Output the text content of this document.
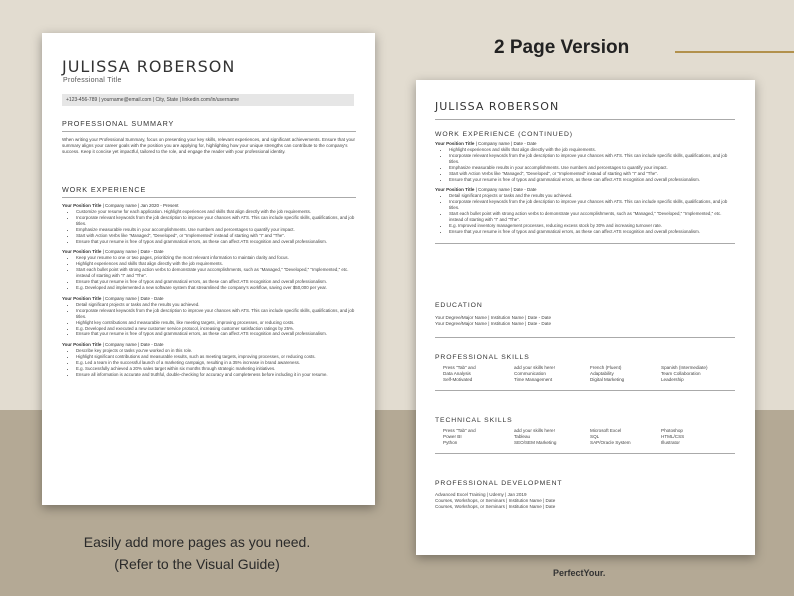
JULISSA ROBERSON
Professional Title
+123-456-789 | yourname@email.com | City, State | linkedin.com/in/username
PROFESSIONAL SUMMARY
When writing your Professional Summary, focus on presenting your key skills, relevant experiences, and significant achievements. Ensure that your summary aligns your career goals with the position you are applying for, highlighting how your unique strengths can contribute to the company's success. Keep it concise yet impactful, tailored to the role, and engage the reader with your professional identity.
WORK EXPERIENCE
Your Position Title | Company name | Jan 2020 - Present
• Customize your resume for each application. Highlight experiences and skills that align directly with the job requirements.
• Incorporate relevant keywords from the job description to improve your chances with ATS. This can include specific skills, qualifications, and job titles.
• Emphasize measurable results in your accomplishments. Use numbers and percentages to quantify your impact.
• Start with Action Verbs like "Managed", "Developed", or "Implemented" instead of starting with "I" and "The".
• Ensure that your resume is free of typos and grammatical errors, as these can affect ATS recognition and overall professionalism.
Your Position Title | Company name | Date - Date
• Keep your resume to one or two pages, prioritizing the most relevant information to maintain clarity and focus.
• Highlight experiences and skills that align directly with the job requirements.
• Start each bullet point with strong action verbs to demonstrate your accomplishments, such as "Managed," "Developed," "Implemented," etc. instead of starting with "I" and "The".
• Ensure that your resume is free of typos and grammatical errors, as these can affect ATS recognition and overall professionalism.
• E.g. Developed and implemented a new software system that streamlined the company's workflow, saving over $50,000 per year.
Your Position Title | Company name | Date - Date
• Detail significant projects or tasks and the results you achieved.
• Incorporate relevant keywords from the job description to improve your chances with ATS. This can include specific skills, qualifications, and job titles.
• Highlight key contributions and measurable results, like meeting targets, improving processes, or reducing costs.
• E.g. Developed and executed a new customer service protocol, increasing customer satisfaction ratings by 25%.
• Ensure that your resume is free of typos and grammatical errors, as these can affect ATS recognition and overall professionalism.
Your Position Title | Company name | Date - Date
• Describe key projects or tasks you've worked on in this role.
• Highlight significant contributions and measurable results, such as meeting targets, improving processes, or reducing costs.
• E.g. Led a team in the successful launch of a marketing campaign, resulting in a 35% increase in brand awareness.
• E.g. Successfully achieved a 20% sales target within six months through strategic marketing initiatives.
• Ensure all information is accurate and truthful, double-checking for accuracy and completeness before including it in your resume.
JULISSA ROBERSON
WORK EXPERIENCE (CONTINUED)
Your Position Title | Company name | Date - Date
• Highlight experiences and skills that align directly with the job requirements.
• Incorporate relevant keywords from the job description to improve your chances with ATS. This can include specific skills, qualifications, and job titles.
• Emphasize measurable results in your accomplishments. Use numbers and percentages to quantify your impact.
• Start with Action Verbs like "Managed", "Developed", or "Implemented" instead of starting with "I" and "The".
• Ensure that your resume is free of typos and grammatical errors, as these can affect ATS recognition and overall professionalism.
Your Position Title | Company name | Date - Date
• Detail significant projects or tasks and the results you achieved.
• Incorporate relevant keywords from the job description to improve your chances with ATS. This can include specific skills, qualifications, and job titles.
• Start each bullet point with strong action verbs to demonstrate your accomplishments, such as "Managed," "Developed," "Implemented," etc. instead of starting with "I" and "The".
• E.g. Improved inventory management processes, reducing excess stock by 30% and increasing turnover rate.
• Ensure that your resume is free of typos and grammatical errors, as these can affect ATS recognition and overall professionalism.
EDUCATION
Your Degree/Major Name | Institution Name | Date - Date
Your Degree/Major Name | Institution Name | Date - Date
PROFESSIONAL SKILLS
Press "Tab" and	add your skills here!	French (Fluent)	Spanish (Intermediate)
Data Analysis	Communication	Adaptability	Team Collaboration
Self-Motivated	Time Management	Digital Marketing	Leadership
TECHNICAL SKILLS
Press "Tab" and	add your skills here!	Microsoft Excel	Photoshop
Power BI	Tableau	SQL	HTML/CSS
Python	SEO/SEM Marketing	SAP/Oracle System	Illustrator
PROFESSIONAL DEVELOPMENT
Advanced Excel Training | Udemy | Jan 2019
Courses, Workshops, or Seminars | Institution Name | Date
Courses, Workshops, or Seminars | Institution Name | Date
2 Page Version
Easily add more pages as you need.
(Refer to the Visual Guide)
PerfectYour.
